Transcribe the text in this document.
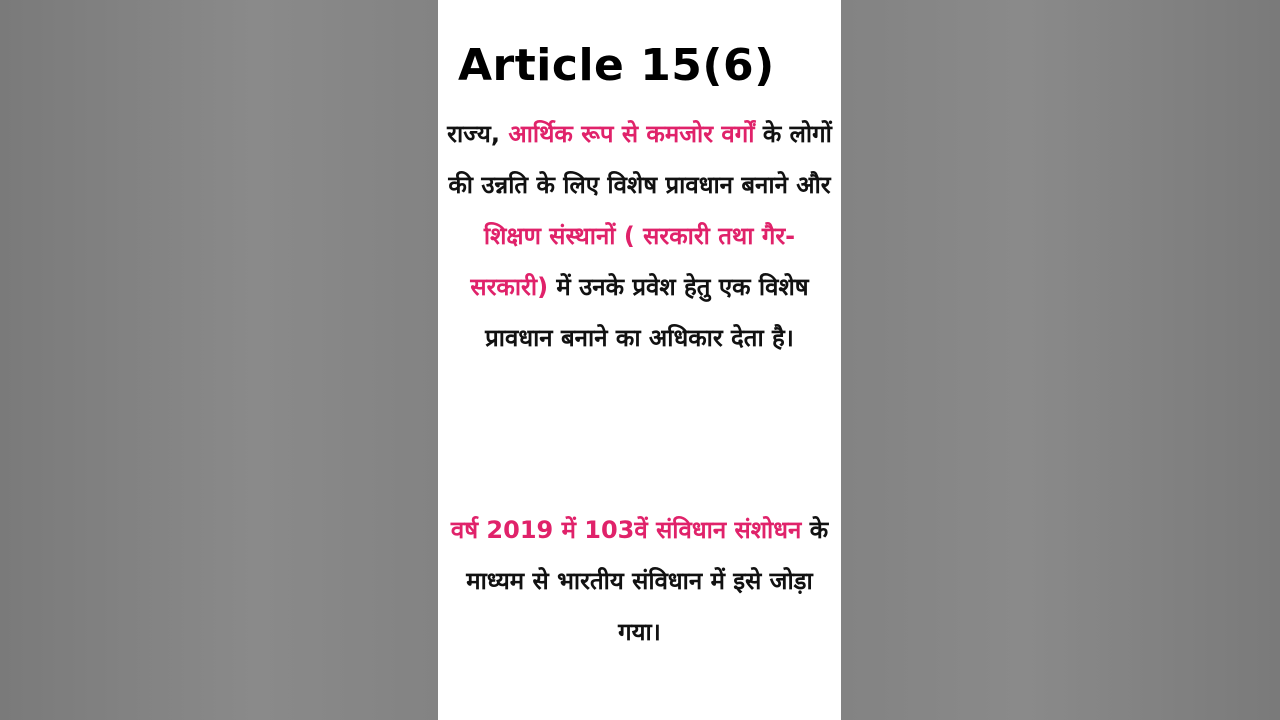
Article 15(6)

राज्य, आर्थिक रूप से कमजोर वर्गों के लोगों की उन्नति के लिए विशेष प्रावधान बनाने और शिक्षण संस्थानों ( सरकारी तथा गैर- सरकारी) में उनके प्रवेश हेतु एक विशेष प्रावधान बनाने का अधिकार देता है।

वर्ष 2019 में 103वें संविधान संशोधन के माध्यम से भारतीय संविधान में इसे जोड़ा गया।
